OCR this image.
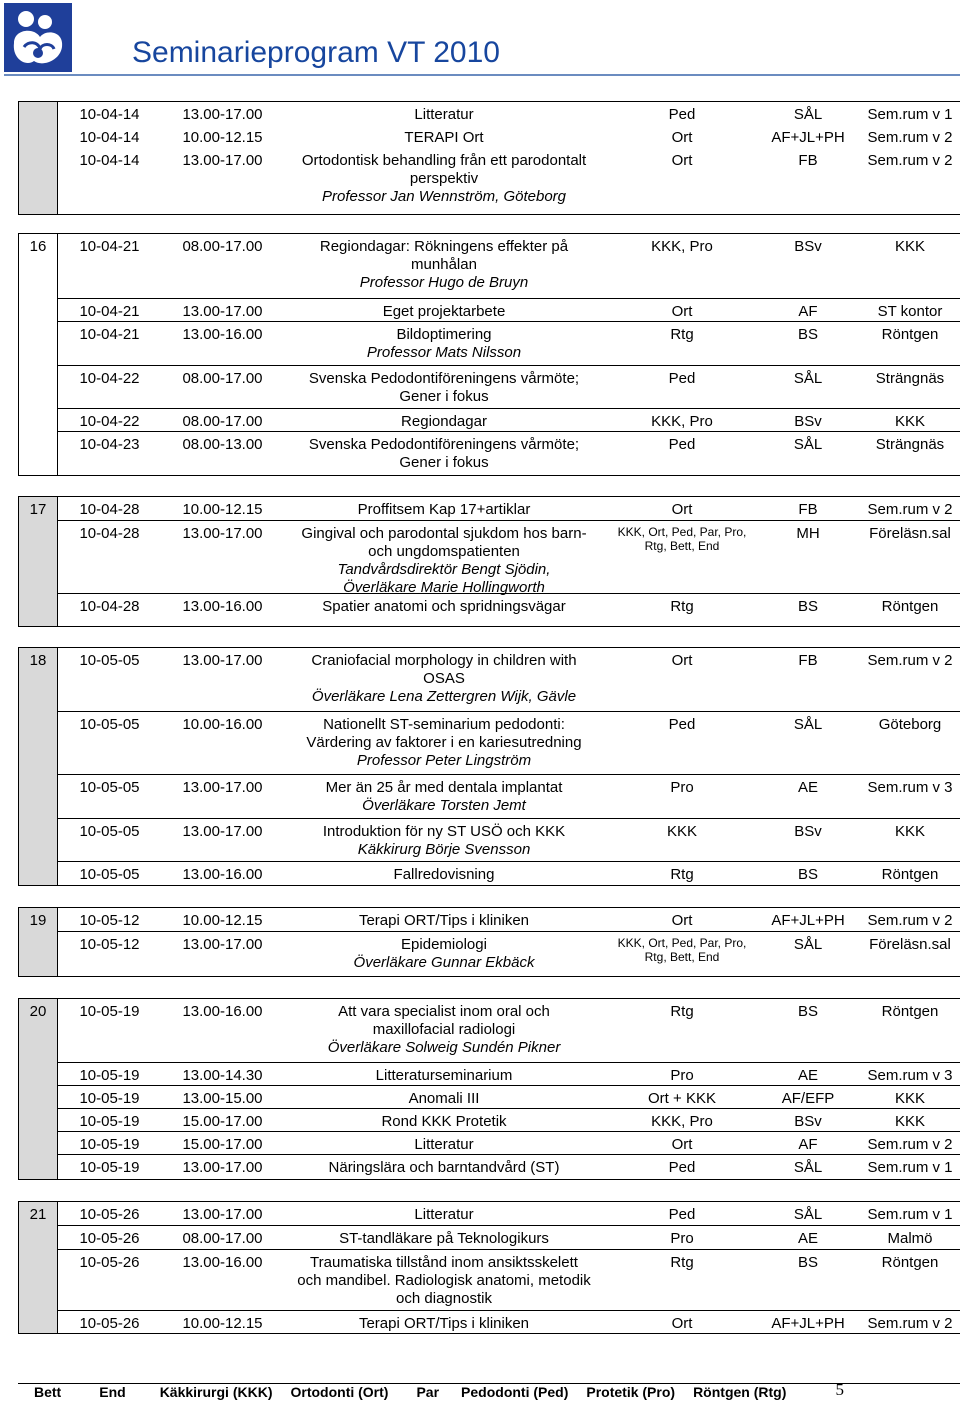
Seminarieprogram VT 2010
10-04-14	13.00-17.00	Litteratur	Ped	SÅL	Sem.rum v 1
10-04-14	10.00-12.15	TERAPI Ort	Ort	AF+JL+PH	Sem.rum v 2
10-04-14	13.00-17.00	Ortodontisk behandling från ett parodontalt
perspektiv
Professor Jan Wennström, Göteborg
Ort	FB	Sem.rum v 2
16	10-04-21	08.00-17.00	Regiondagar: Rökningens effekter på
munhålan
Professor Hugo de Bruyn
KKK, Pro	BSv	KKK
10-04-21	13.00-17.00	Eget projektarbete	Ort	AF	ST kontor
10-04-21	13.00-16.00	Bildoptimering
Professor Mats Nilsson
Rtg	BS	Röntgen
10-04-22	08.00-17.00	Svenska Pedodontiföreningens vårmöte;
Gener i fokus
Ped	SÅL	Strängnäs
10-04-22	08.00-17.00	Regiondagar	KKK, Pro	BSv	KKK
10-04-23	08.00-13.00	Svenska Pedodontiföreningens vårmöte;
Gener i fokus
Ped	SÅL	Strängnäs
17	10-04-28	10.00-12.15	Proffitsem Kap 17+artiklar	Ort	FB	Sem.rum v 2
10-04-28	13.00-17.00	Gingival och parodontal sjukdom hos barn-
och ungdomspatienten
Tandvårdsdirektör Bengt Sjödin,
Överläkare Marie Hollingworth
KKK, Ort, Ped, Par, Pro, Rtg, Bett, End
MH	Föreläsn.sal
10-04-28	13.00-16.00	Spatier anatomi och spridningsvägar	Rtg	BS	Röntgen
18	10-05-05	13.00-17.00	Craniofacial morphology in children with
OSAS
Överläkare Lena Zettergren Wijk, Gävle
Ort	FB	Sem.rum v 2
10-05-05	10.00-16.00	Nationellt ST-seminarium pedodonti:
Värdering av faktorer i en kariesutredning
Professor Peter Lingström
Ped	SÅL	Göteborg
10-05-05	13.00-17.00	Mer än 25 år med dentala implantat
Överläkare Torsten Jemt
Pro	AE	Sem.rum v 3
10-05-05	13.00-17.00	Introduktion för ny ST USÖ och KKK
Käkkirurg Börje Svensson
KKK	BSv	KKK
10-05-05	13.00-16.00	Fallredovisning	Rtg	BS	Röntgen
19	10-05-12	10.00-12.15	Terapi ORT/Tips i kliniken	Ort	AF+JL+PH	Sem.rum v 2
10-05-12	13.00-17.00	Epidemiologi
Överläkare Gunnar Ekbäck
KKK, Ort, Ped, Par, Pro, Rtg, Bett, End
SÅL	Föreläsn.sal
20	10-05-19	13.00-16.00	Att vara specialist inom oral och
maxillofacial radiologi
Överläkare Solweig Sundén Pikner
Rtg	BS	Röntgen
10-05-19	13.00-14.30	Litteraturseminarium	Pro	AE	Sem.rum v 3
10-05-19	13.00-15.00	Anomali III	Ort + KKK	AF/EFP	KKK
10-05-19	15.00-17.00	Rond KKK Protetik	KKK, Pro	BSv	KKK
10-05-19	15.00-17.00	Litteratur	Ort	AF	Sem.rum v 2
10-05-19	13.00-17.00	Näringslära och barntandvård (ST)	Ped	SÅL	Sem.rum v 1
21	10-05-26	13.00-17.00	Litteratur	Ped	SÅL	Sem.rum v 1
10-05-26	08.00-17.00	ST-tandläkare på Teknologikurs	Pro	AE	Malmö
10-05-26	13.00-16.00	Traumatiska tillstånd inom ansiktsskelett
och mandibel. Radiologisk anatomi, metodik
och diagnostik
Rtg	BS	Röntgen
10-05-26	10.00-12.15	Terapi ORT/Tips i kliniken	Ort	AF+JL+PH	Sem.rum v 2
Bett	End Käkkirurgi (KKK) Ortodonti (Ort) Par Pedodonti (Ped) Protetik (Pro) Röntgen (Rtg)	5
